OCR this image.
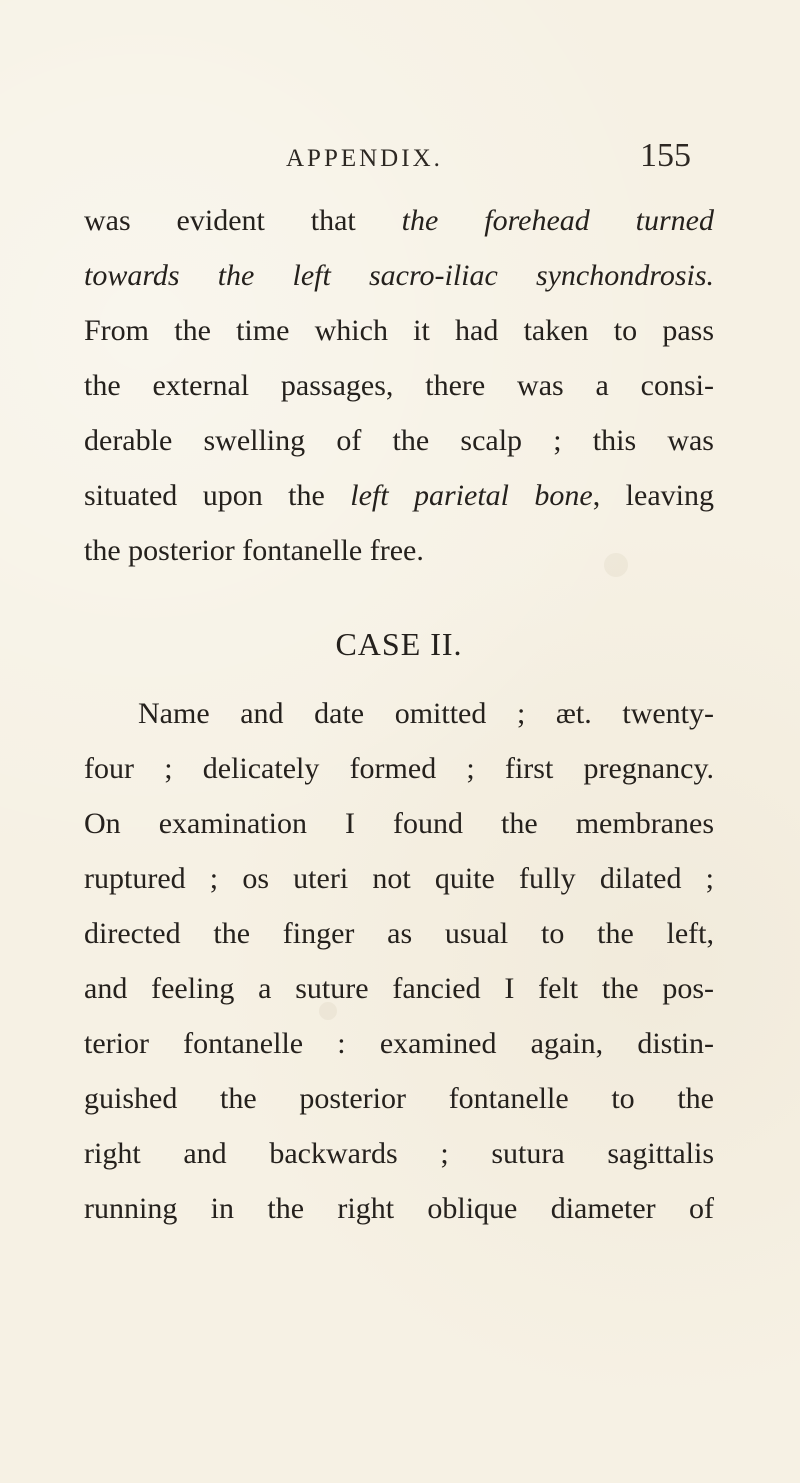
APPENDIX.	155
was evident that the forehead turned
towards the left sacro-iliac synchondrosis.
From the time which it had taken to pass
the external passages, there was a consi-
derable swelling of the scalp ; this was
situated upon the left parietal bone, leaving
the posterior fontanelle free.
CASE II.
Name and date omitted ; æt. twenty-
four ; delicately formed ; first pregnancy.
On examination I found the membranes
ruptured ; os uteri not quite fully dilated ;
directed the finger as usual to the left,
and feeling a suture fancied I felt the pos-
terior fontanelle : examined again, distin-
guished the posterior fontanelle to the
right and backwards ; sutura sagittalis
running in the right oblique diameter of
